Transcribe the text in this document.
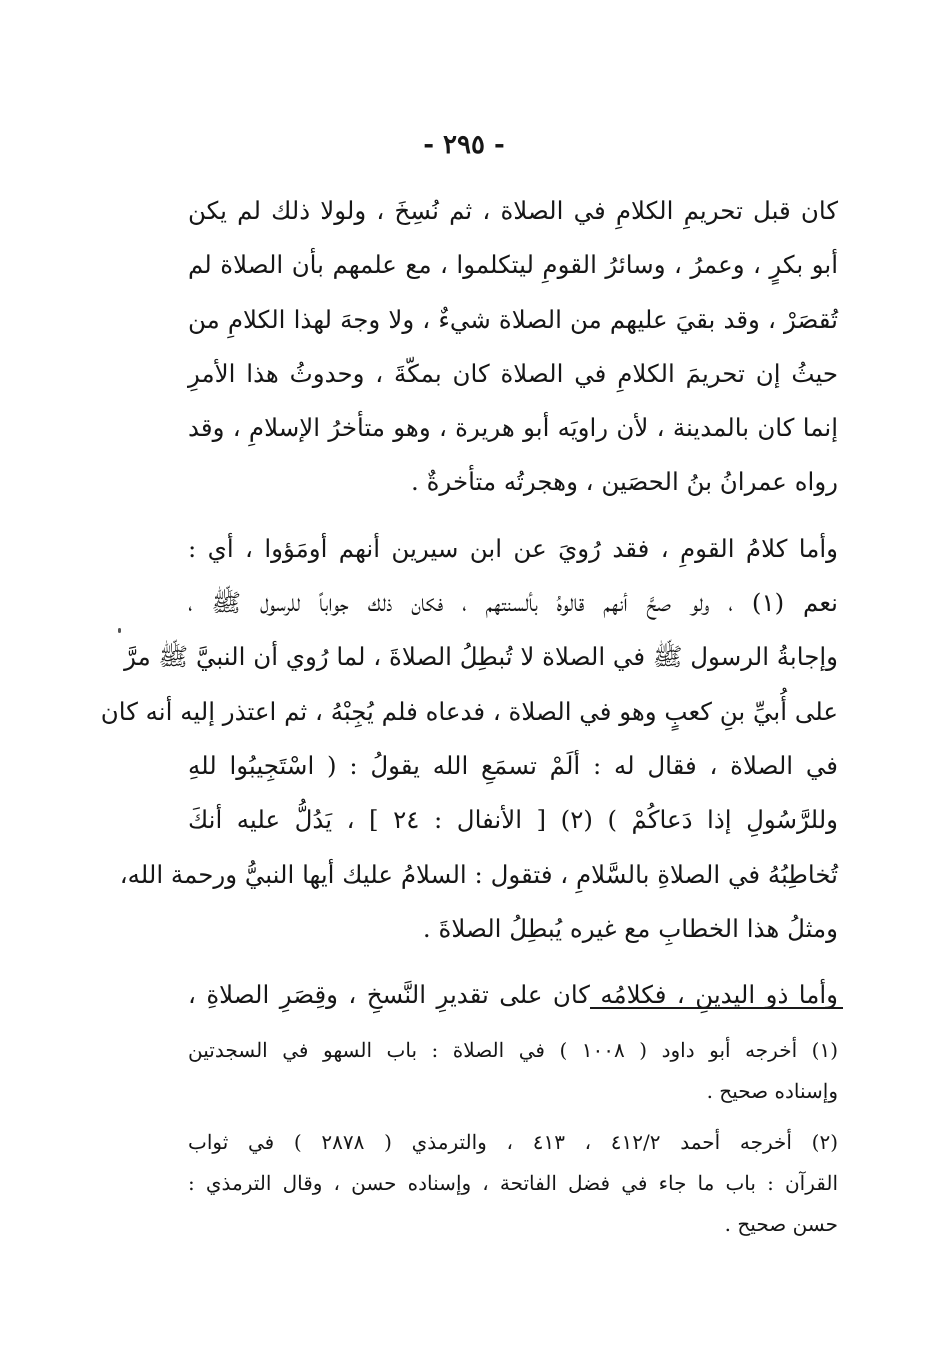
- ٢٩٥ -
كان قبل تحريمِ الكلامِ في الصلاة ، ثم نُسِخَ ، ولولا ذلك لم يكن
أبو بكرٍ ، وعمرُ ، وسائرُ القومِ ليتكلموا ، مع علمهم بأن الصلاة لم
تُقصَرْ ، وقد بقيَ عليهم من الصلاة شيءٌ ، ولا وجهَ لهذا الكلامِ من
حيثُ إن تحريمَ الكلامِ في الصلاة كان بمكّةَ ، وحدوثُ هذا الأمرِ
إنما كان بالمدينة ، لأن راويَه أبو هريرة ، وهو متأخرُ الإسلامِ ، وقد
رواه عمرانُ بنُ الحصَين ، وهجرتُه متأخرةٌ .
وأما كلامُ القومِ ، فقد رُويَ عن ابن سيرين أنهم أومَؤوا ، أي :
نعم (١) ، ولو صحَّ أنهم قالوهُ بألسنتهم ، فكان ذلك جواباً للرسول ﷺ ،
وإجابةُ الرسول ﷺ في الصلاة لا تُبطِلُ الصلاةَ ، لما رُوي أن النبيَّ ﷺ مرَّ
على أُبيِّ بنِ كعبٍ وهو في الصلاة ، فدعاه فلم يُجِبْهُ ، ثم اعتذر إليه أنه كان
في الصلاة ، فقال له : ألَمْ تسمَعِ الله يقولُ : ( اسْتَجِيبُوا للهِ
وللرَّسُولِ إذا دَعاكُمْ ) (٢) [ الأنفال : ٢٤ ] ، يَدُلُّ عليه أنكَ
تُخاطِبُهُ في الصلاةِ بالسَّلامِ ، فتقول : السلامُ عليك أيها النبيُّ ورحمة الله،
ومثلُ هذا الخطابِ مع غيره يُبطِلُ الصلاةَ .
وأما ذو اليدينِ ، فكلامُه كان على تقديرِ النَّسخِ ، وقِصَرِ الصلاةِ ،
(١) أخرجه أبو داود ( ١٠٠٨ ) في الصلاة : باب السهو في السجدتين
وإسناده صحيح .
(٢) أخرجه أحمد ٤١٢/٢ ، ٤١٣ ، والترمذي ( ٢٨٧٨ ) في ثواب
القرآن : باب ما جاء في فضل الفاتحة ، وإسناده حسن ، وقال الترمذي :
حسن صحيح .
